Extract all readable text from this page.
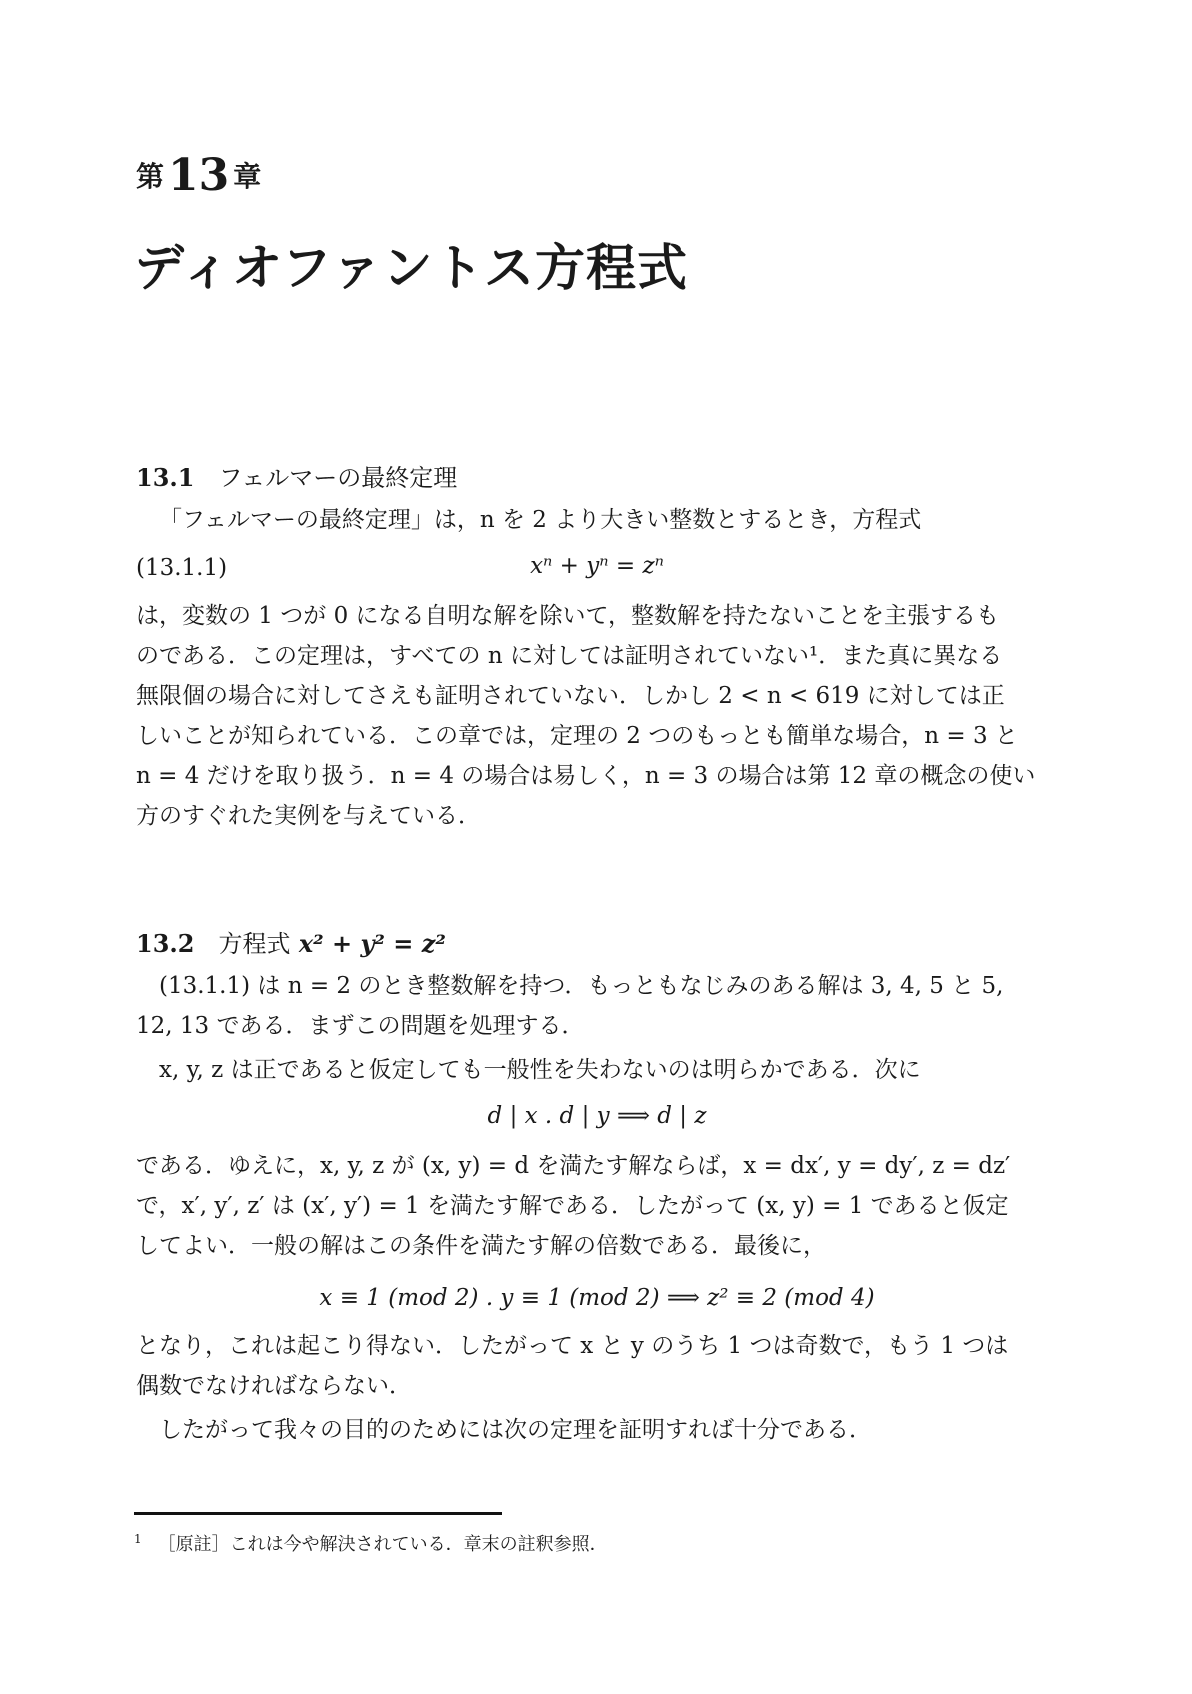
第13 章
ディオファントス方程式
13.1 フェルマーの最終定理
「フェルマーの最終定理」は，n を 2 より大きい整数とするとき，方程式
(13.1.1)	xⁿ + yⁿ = zⁿ
は，変数の 1 つが 0 になる自明な解を除いて，整数解を持たないことを主張するも
のである．この定理は，すべての n に対しては証明されていない¹．また真に異なる
無限個の場合に対してさえも証明されていない．しかし 2 < n < 619 に対しては正
しいことが知られている．この章では，定理の 2 つのもっとも簡単な場合，n = 3 と
n = 4 だけを取り扱う．n = 4 の場合は易しく，n = 3 の場合は第 12 章の概念の使い
方のすぐれた実例を与えている．
13.2 方程式 x² + y² = z²
(13.1.1) は n = 2 のとき整数解を持つ．もっともなじみのある解は 3, 4, 5 と 5,
12, 13 である．まずこの問題を処理する．
x, y, z は正であると仮定しても一般性を失わないのは明らかである．次に
d | x . d | y ⟹ d | z
である．ゆえに，x, y, z が (x, y) = d を満たす解ならば，x = dx′, y = dy′, z = dz′
で，x′, y′, z′ は (x′, y′) = 1 を満たす解である．したがって (x, y) = 1 であると仮定
してよい．一般の解はこの条件を満たす解の倍数である．最後に，
x ≡ 1 (mod 2) . y ≡ 1 (mod 2) ⟹ z² ≡ 2 (mod 4)
となり，これは起こり得ない．したがって x と y のうち 1 つは奇数で，もう 1 つは
偶数でなければならない．
したがって我々の目的のためには次の定理を証明すれば十分である．
$^1$ ［原註］これは今や解決されている．章末の註釈参照．
